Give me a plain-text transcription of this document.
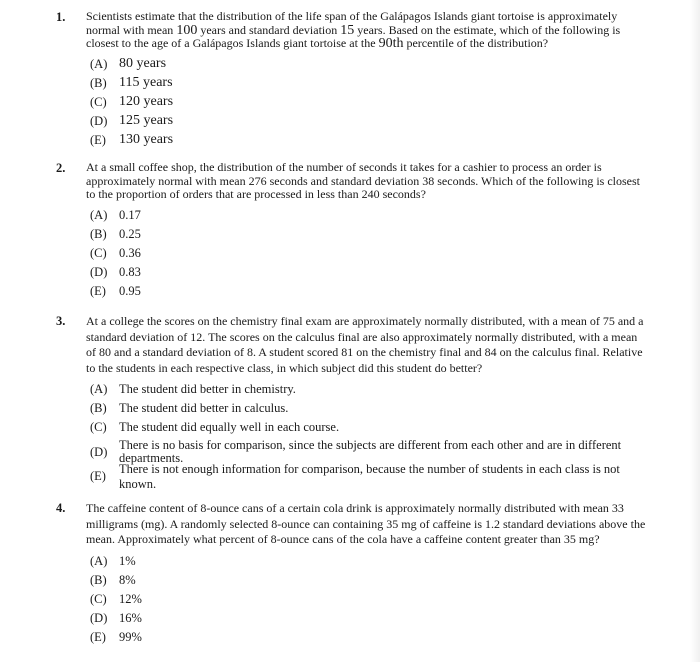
1. Scientists estimate that the distribution of the life span of the Galápagos Islands giant tortoise is approximately normal with mean 100 years and standard deviation 15 years. Based on the estimate, which of the following is closest to the age of a Galápagos Islands giant tortoise at the 90th percentile of the distribution?
(A) 80 years
(B) 115 years
(C) 120 years
(D) 125 years
(E) 130 years
2. At a small coffee shop, the distribution of the number of seconds it takes for a cashier to process an order is approximately normal with mean 276 seconds and standard deviation 38 seconds. Which of the following is closest to the proportion of orders that are processed in less than 240 seconds?
(A) 0.17
(B) 0.25
(C) 0.36
(D) 0.83
(E)	0.95
3. At a college the scores on the chemistry final exam are approximately normally distributed, with a mean of 75 and a standard deviation of 12. The scores on the calculus final are also approximately normally distributed, with a mean of 80 and a standard deviation of 8. A student scored 81 on the chemistry final and 84 on the calculus final. Relative to the students in each respective class, in which subject did this student do better?
(A) The student did better in chemistry.
(B) The student did better in calculus.
(C) The student did equally well in each course.
(D) There is no basis for comparison, since the subjects are different from each other and are in different departments.
(E)
There is not enough information for comparison, because the number of students in each class is not known.
4. The caffeine content of 8-ounce cans of a certain cola drink is approximately normally distributed with mean 33 milligrams (mg). A randomly selected 8-ounce can containing 35 mg of caffeine is 1.2 standard deviations above the mean. Approximately what percent of 8-ounce cans of the cola have a caffeine content greater than 35 mg?
(A) 1%
(B) 8%
(C) 12%
(D) 16%
(E)	99%
